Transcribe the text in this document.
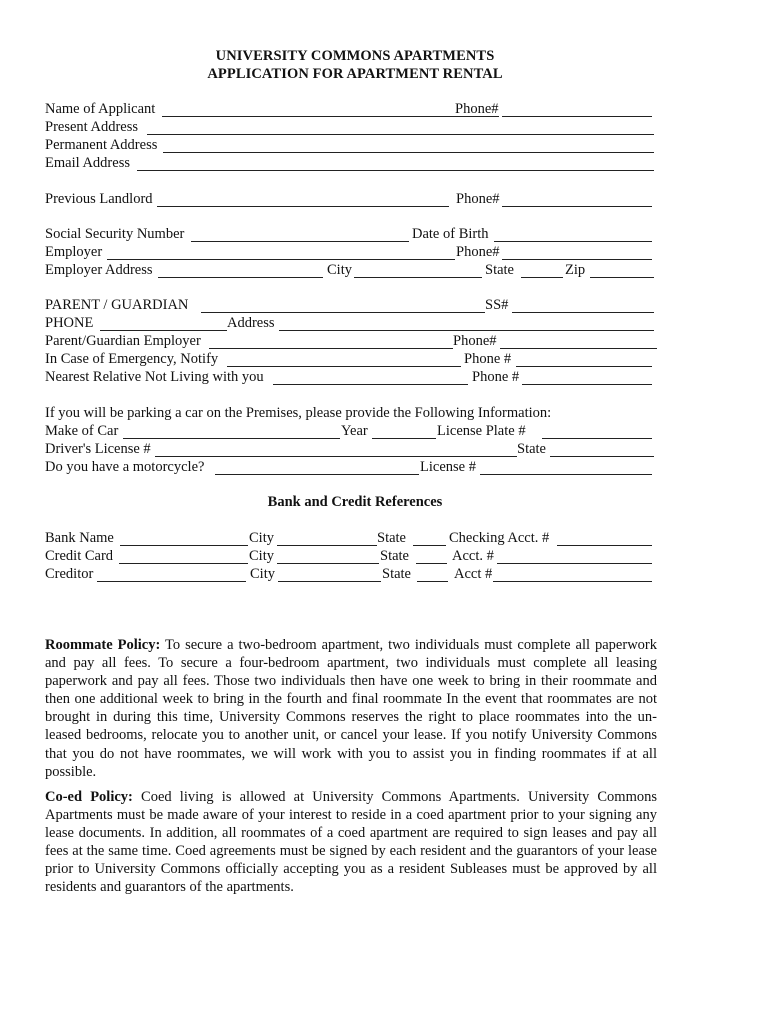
UNIVERSITY COMMONS APARTMENTS
APPLICATION FOR APARTMENT RENTAL
Name of Applicant	Phone#
Present Address
Permanent Address
Email Address
Previous Landlord	Phone#
Social Security Number	Date of Birth
Employer	Phone#
Employer Address	City	State	Zip
PARENT / GUARDIAN	SS#
PHONE	Address
Parent/Guardian Employer	Phone#
In Case of Emergency, Notify	Phone #
Nearest Relative Not Living with you	Phone #
If you will be parking a car on the Premises, please provide the Following Information:
Make of Car	Year	License Plate #
Driver's License #	State
Do you have a motorcycle?	License #
Bank and Credit References
Bank Name	City	State	Checking Acct. #
Credit Card	City	State	Acct. #
Creditor	City	State	Acct #
Roommate Policy: To secure a two-bedroom apartment, two individuals must complete all paperwork and pay all fees. To secure a four-bedroom apartment, two individuals must complete all leasing paperwork and pay all fees. Those two individuals then have one week to bring in their roommate and then one additional week to bring in the fourth and final roommate In the event that roommates are not brought in during this time, University Commons reserves the right to place roommates into the un-leased bedrooms, relocate you to another unit, or cancel your lease. If you notify University Commons that you do not have roommates, we will work with you to assist you in finding roommates if at all possible.
Co-ed Policy: Coed living is allowed at University Commons Apartments. University Commons Apartments must be made aware of your interest to reside in a coed apartment prior to your signing any lease documents. In addition, all roommates of a coed apartment are required to sign leases and pay all fees at the same time. Coed agreements must be signed by each resident and the guarantors of your lease prior to University Commons officially accepting you as a resident Subleases must be approved by all residents and guarantors of the apartments.
